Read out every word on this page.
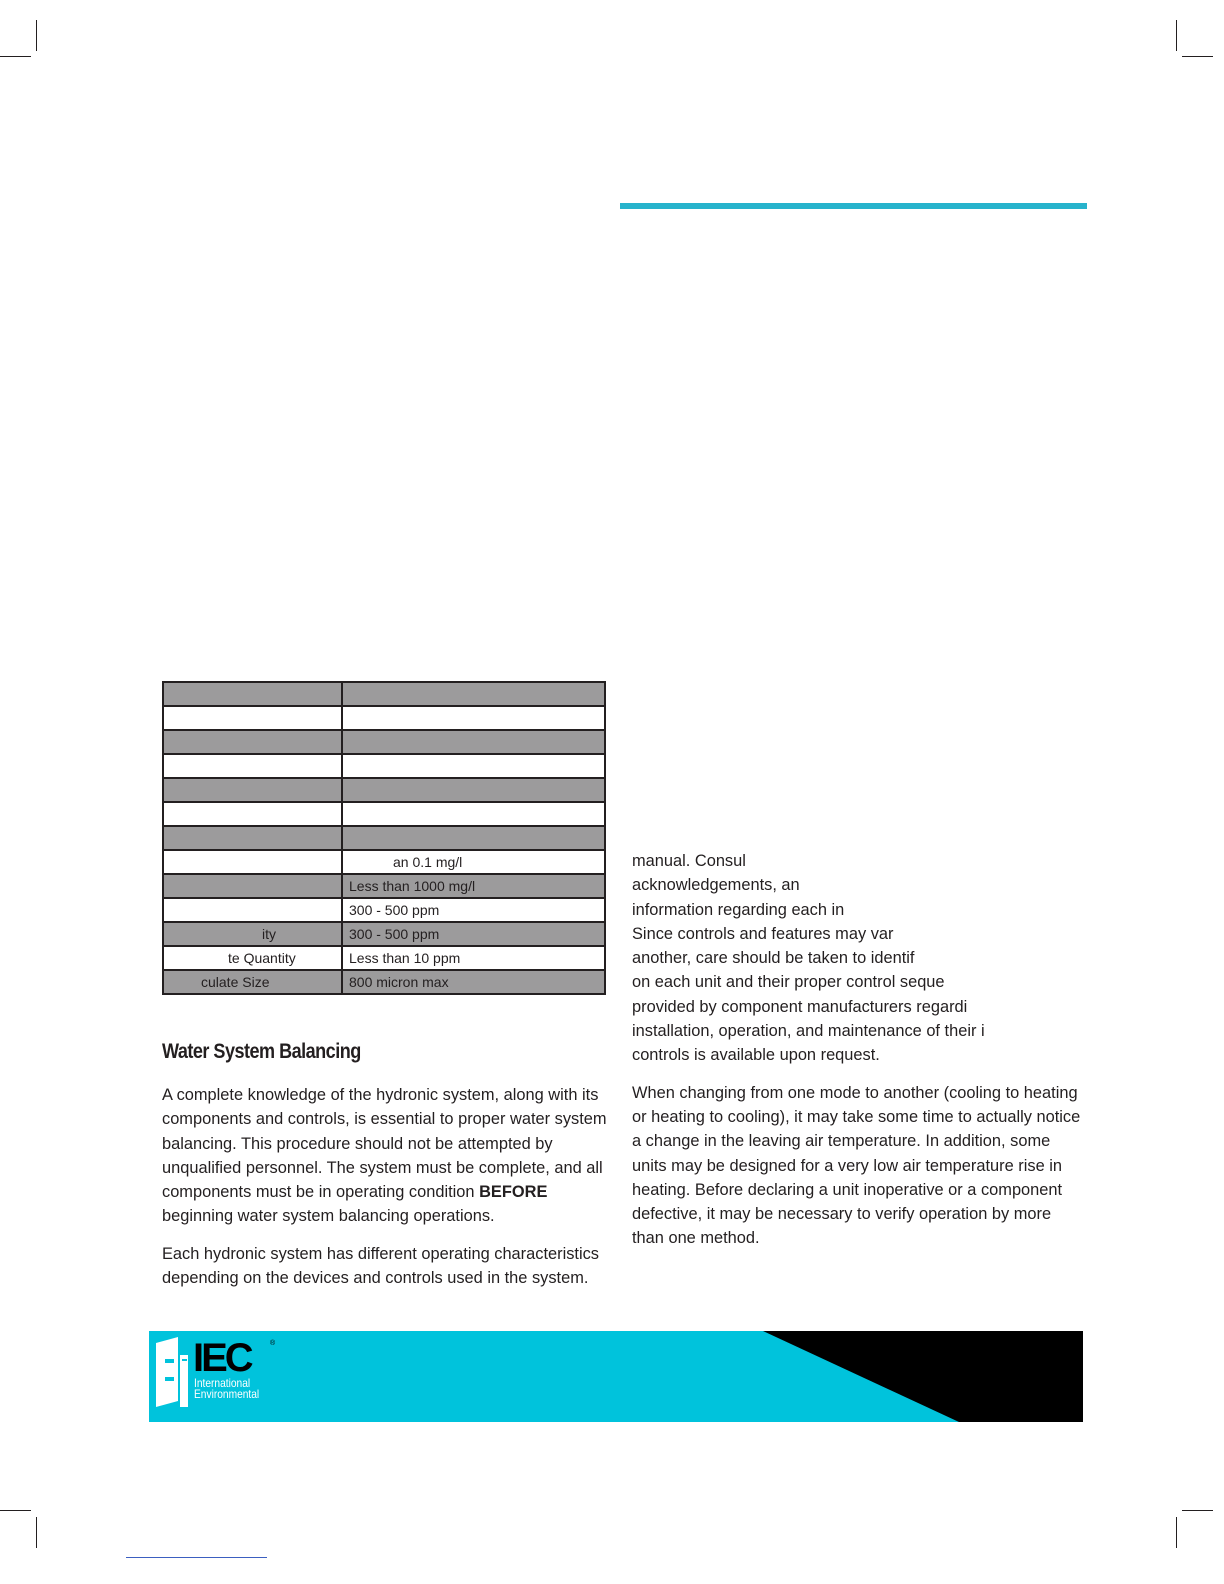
	an 0.1 mg/l
	Less than 1000 mg/l
	300 - 500 ppm
ity	300 - 500 ppm
te Quantity	Less than 10 ppm
culate Size	800 micron max
Water System Balancing

A complete knowledge of the hydronic system, along with its components and controls, is essential to proper water system balancing. This procedure should not be attempted by unqualified personnel. The system must be complete, and all components must be in operating condition BEFORE beginning water system balancing operations.

Each hydronic system has different operating characteristics depending on the devices and controls used in the system.

manual. Consul
acknowledgements, an
information regarding each in
Since controls and features may var
another, care should be taken to identif
on each unit and their proper control seque
provided by component manufacturers regardi
installation, operation, and maintenance of their i
controls is available upon request.

When changing from one mode to another (cooling to heating or heating to cooling), it may take some time to actually notice a change in the leaving air temperature. In addition, some units may be designed for a very low air temperature rise in heating. Before declaring a unit inoperative or a component defective, it may be necessary to verify operation by more than one method.

IEC	®
International
Environmental
